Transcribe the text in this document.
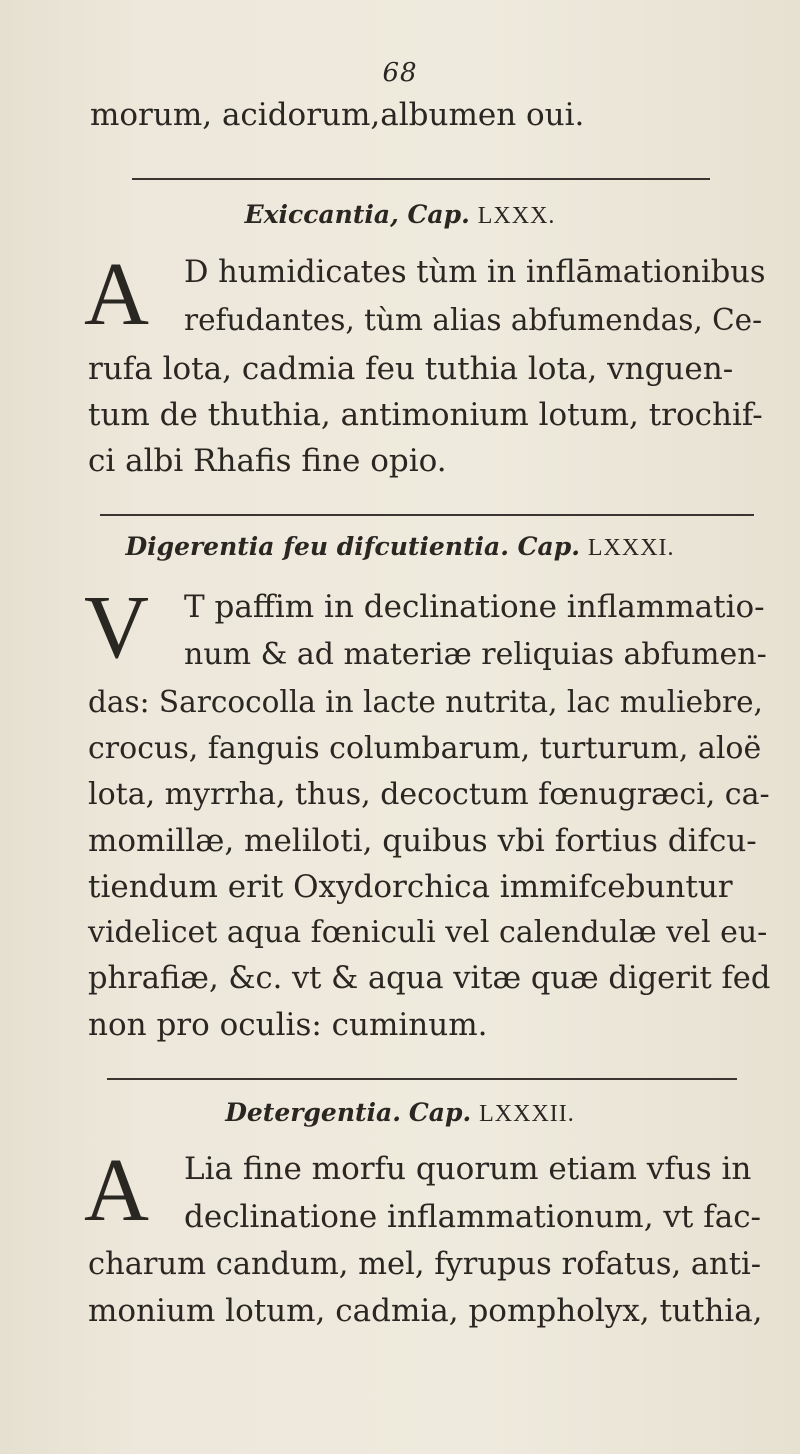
68
morum, acidorum,albumen oui.
Exiccantia, Cap. LXXX.
A D humidicates tùm in inflāmationibus
refudantes, tùm alias abfumendas, Ce-
rufa lota, cadmia feu tuthia lota, vnguen-
tum de thuthia, antimonium lotum, trochif-
ci albi Rhafis fine opio.
Digerentia feu difcutientia. Cap. LXXXI.
V T paffim in declinatione inflammatio-
num & ad materiæ reliquias abfumen-
das: Sarcocolla in lacte nutrita, lac muliebre,
crocus, fanguis columbarum, turturum, aloë
lota, myrrha, thus, decoctum fœnugræci, ca-
momillæ, meliloti, quibus vbi fortius difcu-
tiendum erit Oxydorchica immifcebuntur
videlicet aqua fœniculi vel calendulæ vel eu-
phrafiæ, &c. vt & aqua vitæ quæ digerit fed
non pro oculis: cuminum.
Detergentia. Cap. LXXXII.
A Lia fine morfu quorum etiam vfus in
declinatione inflammationum, vt fac-
charum candum, mel, fyrupus rofatus, anti-
monium lotum, cadmia, pompholyx, tuthia,
